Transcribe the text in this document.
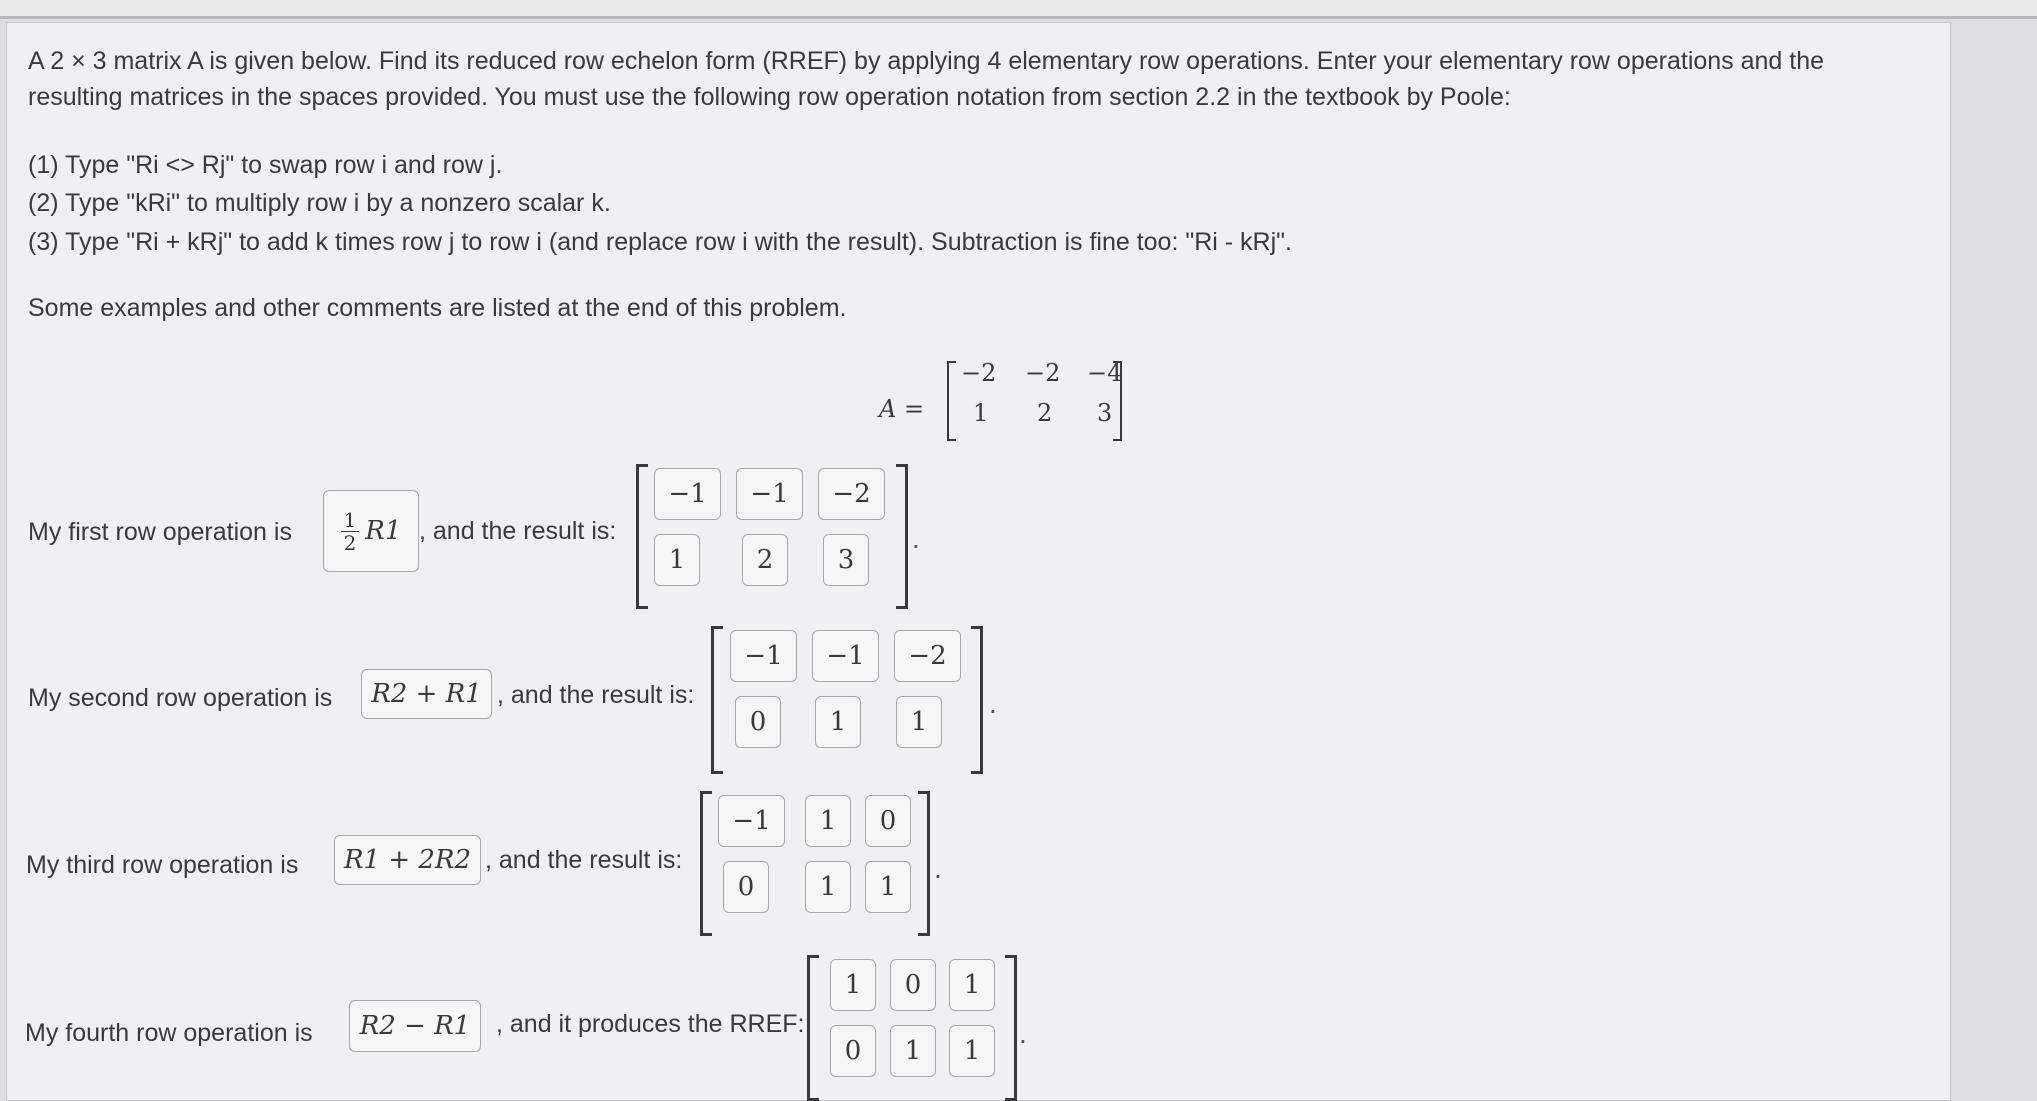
A 2 × 3 matrix A is given below. Find its reduced row echelon form (RREF) by applying 4 elementary row operations. Enter your elementary row operations and the
resulting matrices in the spaces provided. You must use the following row operation notation from section 2.2 in the textbook by Poole:
(1) Type "Ri <> Rj" to swap row i and row j.
(2) Type "kRi" to multiply row i by a nonzero scalar k.
(3) Type "Ri + kRj" to add k times row j to row i (and replace row i with the result). Subtraction is fine too: "Ri - kRj".
Some examples and other comments are listed at the end of this problem.
A =
−2 −2 −4
1 2 3
My first row operation is $\frac{1}{2} R1$ , and the result is:
−1	−1	−2
1	2	3
.
My second row operation is	R2 + R1 , and the result is:
−1	−1	−2
0	1	1
.
My third row operation is	R1 + 2R2 , and the result is:
−1	1	0
0	1	1
.
My fourth row operation is	R2 − R1	, and it produces the RREF:
1	0	1
0	1	1
.
